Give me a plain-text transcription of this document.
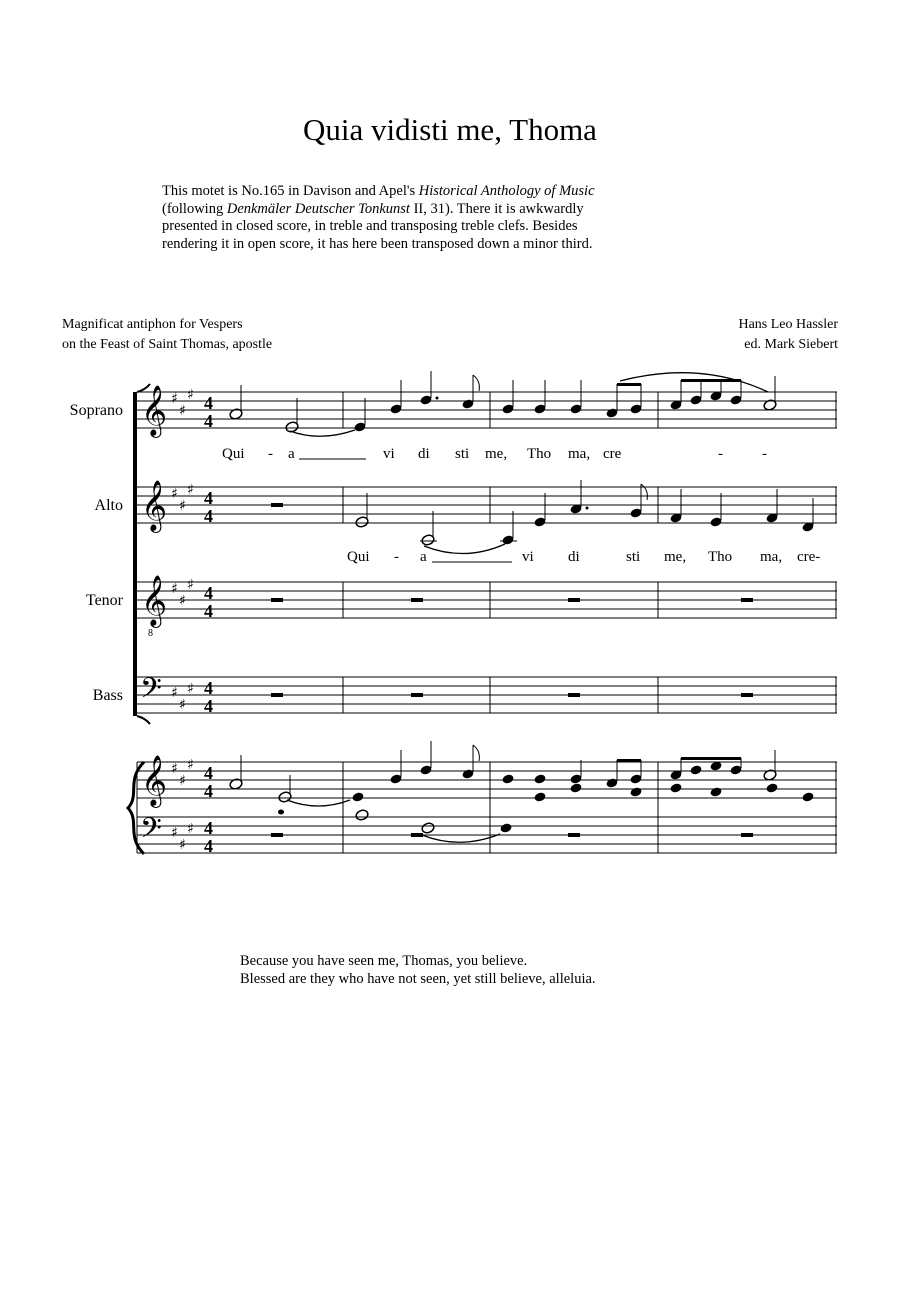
Quia vidisti me, Thoma

This motet is No.165 in Davison and Apel's Historical Anthology of Music

(following Denkmäler Deutscher Tonkunst II, 31). There it is awkwardly

presented in closed score, in treble and transposing treble clefs. Besides

rendering it in open score, it has here been transposed down a minor third.

Magnificat antiphon for Vespers
on the Feast of Saint Thomas, apostle
Hans Leo Hassler
ed. Mark Siebert
Soprano
Alto
Tenor
Bass
𝄞 ♯
♯
♯ 4
4
Qui - a	vi di sti me, Tho ma, cre	-	-
𝄞 ♯
♯
♯ 4
4
Qui - a	vi di	sti me, Tho ma, cre-
𝄞
8
♯
♯
♯ 4
4
𝄢 ♯
♯
♯ 4
4
𝄞 ♯
♯
♯ 4
4
𝄢 ♯
♯
♯ 4
4
Because you have seen me, Thomas, you believe.
Blessed are they who have not seen, yet still believe, alleluia.
